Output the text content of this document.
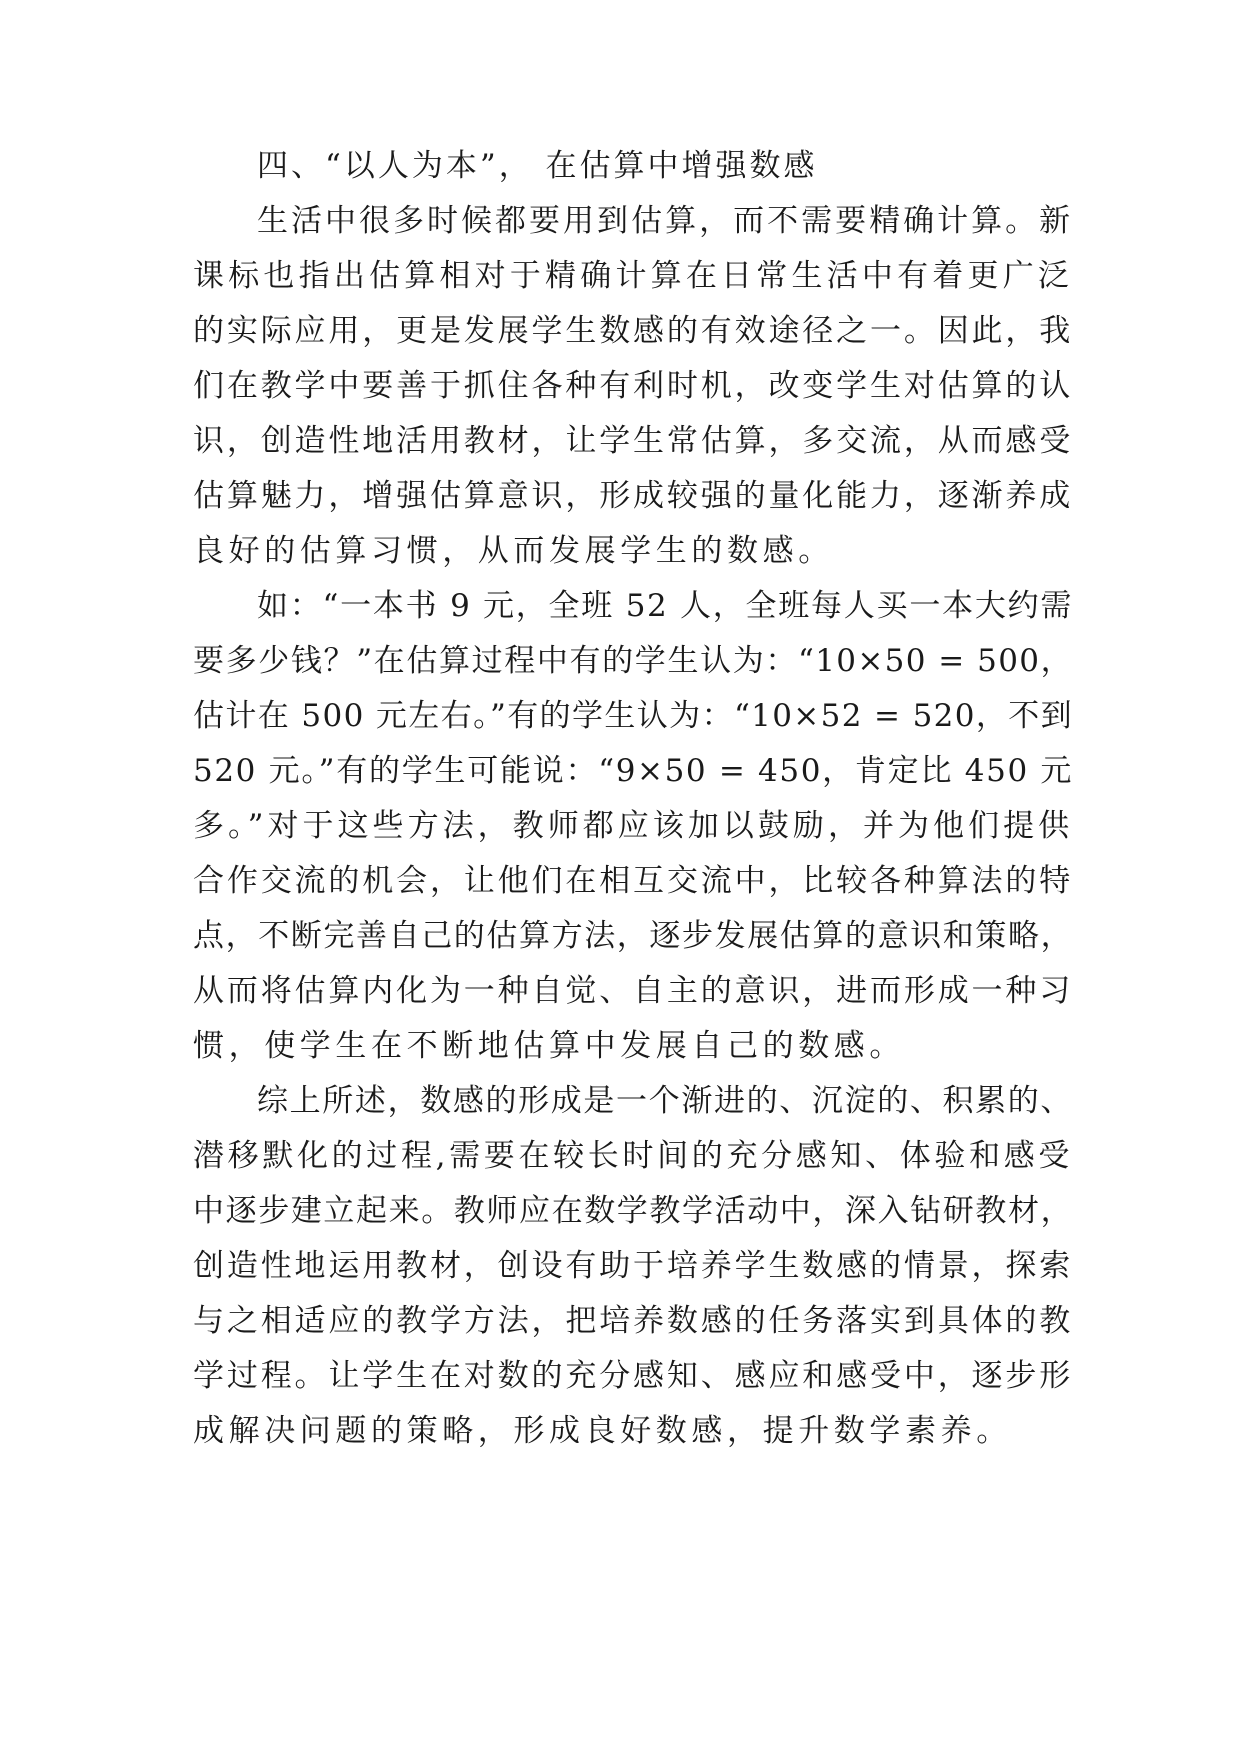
四、“以人为本”， 在估算中增强数感
生活中很多时候都要用到估算，而不需要精确计算。新
课标也指出估算相对于精确计算在日常生活中有着更广泛
的实际应用，更是发展学生数感的有效途径之一。因此，我
们在教学中要善于抓住各种有利时机，改变学生对估算的认
识，创造性地活用教材，让学生常估算，多交流，从而感受
估算魅力，增强估算意识，形成较强的量化能力，逐渐养成
良好的估算习惯，从而发展学生的数感。
如：“一本书 9 元，全班 52 人，全班每人买一本大约需
要多少钱？”在估算过程中有的学生认为：“10×50 = 500，
估计在 500 元左右。”有的学生认为：“10×52 = 520，不到
520 元。”有的学生可能说：“9×50 = 450，肯定比 450 元
多。”对于这些方法，教师都应该加以鼓励，并为他们提供
合作交流的机会，让他们在相互交流中，比较各种算法的特
点，不断完善自己的估算方法，逐步发展估算的意识和策略，
从而将估算内化为一种自觉、自主的意识，进而形成一种习
惯，使学生在不断地估算中发展自己的数感。
综上所述，数感的形成是一个渐进的、沉淀的、积累的、
潜移默化的过程,需要在较长时间的充分感知、体验和感受
中逐步建立起来。教师应在数学教学活动中，深入钻研教材，
创造性地运用教材，创设有助于培养学生数感的情景，探索
与之相适应的教学方法，把培养数感的任务落实到具体的教
学过程。让学生在对数的充分感知、感应和感受中，逐步形
成解决问题的策略，形成良好数感，提升数学素养。
